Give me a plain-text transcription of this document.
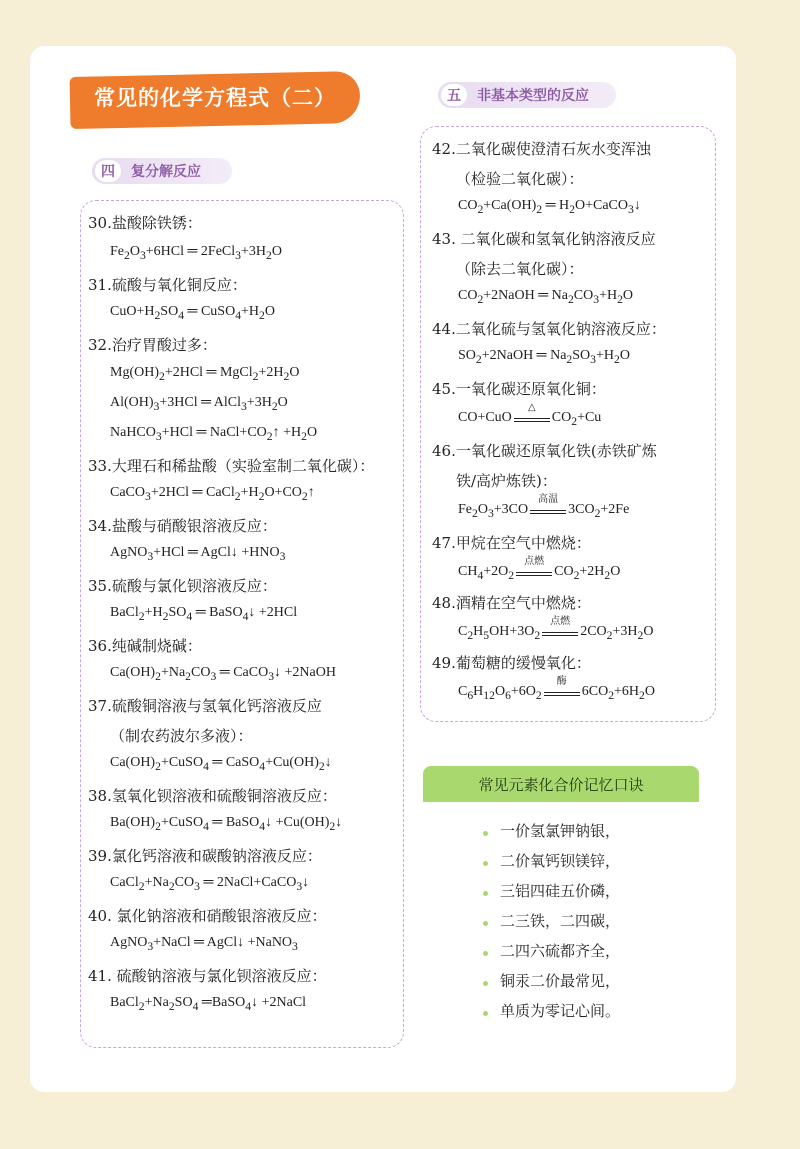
常见的化学方程式（二）
四	复分解反应
五	非基本类型的反应
30.盐酸除铁锈：
$Fe_2O_3+6HCl$ ═ $2FeCl_3+3H_2O$
31.硫酸与氧化铜反应：
$CuO+H_2SO_4$ ═ $CuSO_4+H_2O$
32.治疗胃酸过多：
$Mg(OH)_2+2HCl$ ═ $MgCl_2+2H_2O$
$Al(OH)_3+3HCl$ ═ $AlCl_3+3H_2O$
NaHCO$_3$+HCl ═ $NaCl+CO_2↑ +H_2O$
33.大理石和稀盐酸（实验室制二氧化碳）：
CaCO$_3$+2HCl ═ $CaCl_2+H_2O+CO_2↑$
34.盐酸与硝酸银溶液反应：
AgNO$_3$+HCl ═ AgCl↓ $+HNO_3$
35.硫酸与氯化钡溶液反应：
$BaCl_2+H_2SO_4$ ═ BaSO$_4$↓ +2HCl
36.纯碱制烧碱：
$Ca(OH)_2+Na_2CO_3$ ═ CaCO$_3$↓ +2NaOH
37.硫酸铜溶液与氢氧化钙溶液反应
（制农药波尔多液）：
$Ca(OH)_2+CuSO_4$ ═ $CaSO_4+Cu(OH)_2↓$
38.氢氧化钡溶液和硫酸铜溶液反应：
$Ba(OH)_2+CuSO_4$ ═ BaSO$_4$↓ $+Cu(OH)_2↓$
39.氯化钙溶液和碳酸钠溶液反应：
$CaCl_2+Na_2CO_3$ ═ 2NaCl+CaCO$_3$↓
40. 氯化钠溶液和硝酸银溶液反应：
AgNO$_3$+NaCl ═ AgCl↓ +NaNO$_3$
41. 硫酸钠溶液与氯化钡溶液反应：
$BaCl_2+Na_2SO_4$ ═BaSO$_4$↓ +2NaCl
42.二氧化碳使澄清石灰水变浑浊
（检验二氧化碳）：
$CO_2+Ca(OH)_2$ ═ $H_2O+CaCO_3↓$
43. 二氧化碳和氢氧化钠溶液反应
（除去二氧化碳）：
$CO_2+2NaOH$ ═ $Na_2CO_3+H_2O$
44.二氧化硫与氢氧化钠溶液反应：
$SO_2+2NaOH$ ═ $Na_2SO_3+H_2O$
45.一氧化碳还原氧化铜：
CO+CuO
△
$CO_2+Cu$
46.一氧化碳还原氧化铁(赤铁矿炼
铁/高炉炼铁)：
$Fe_2O_3+3CO$
高温
$3CO_2+2Fe$
47.甲烷在空气中燃烧：
$CH_4+2O_2$
点燃
$CO_2+2H_2O$
48.酒精在空气中燃烧：
$C_2H_5OH+3O_2$
点燃
$2CO_2+3H_2O$
49.葡萄糖的缓慢氧化：
$C_6H_{12}O_6+6O_2$
酶
$6CO_2+6H_2O$
常见元素化合价记忆口诀
一价氢氯钾钠银，
二价氧钙钡镁锌，
三铝四硅五价磷，
二三铁，二四碳，
二四六硫都齐全，
铜汞二价最常见，
单质为零记心间。
